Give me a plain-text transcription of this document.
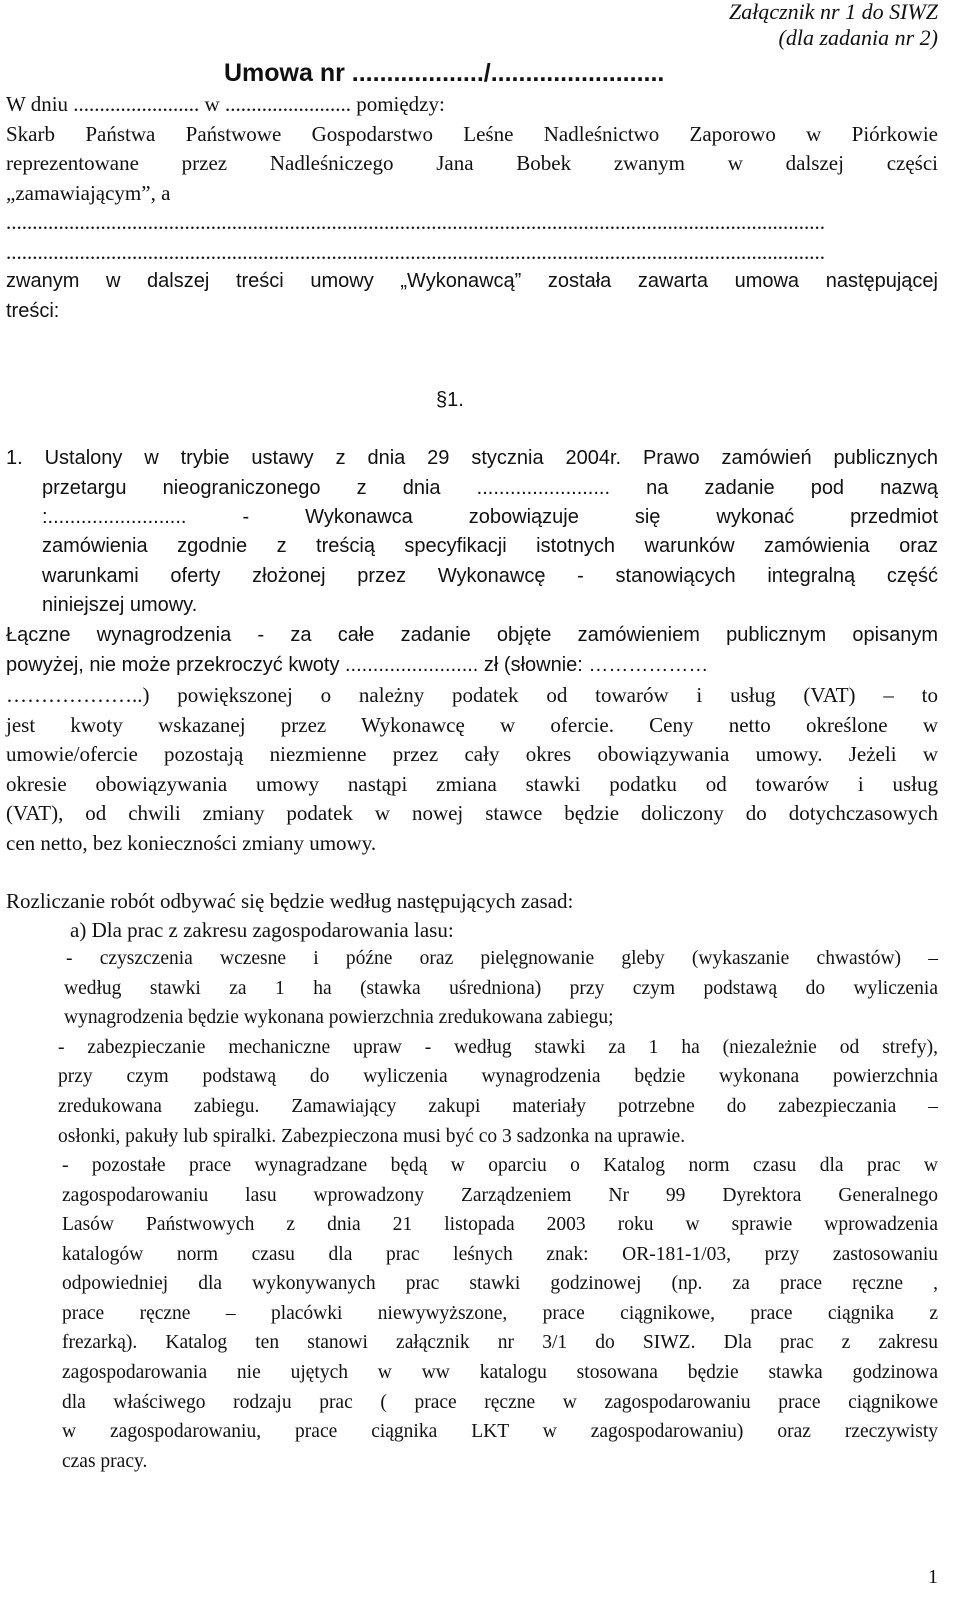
Załącznik nr 1 do SIWZ
(dla zadania nr 2)
Umowa nr .................../.........................
W dniu ........................ w ........................ pomiędzy:
Skarb Państwa Państwowe Gospodarstwo Leśne Nadleśnictwo Zaporowo w Piórkowie
reprezentowane przez Nadleśniczego Jana Bobek zwanym w dalszej części
„zamawiającym”, a
............................................................................................................................................................
............................................................................................................................................................
zwanym w dalszej treści umowy „Wykonawcą” została zawarta umowa następującej
treści:
§1.
1. Ustalony w trybie ustawy z dnia 29 stycznia 2004r. Prawo zamówień publicznych
przetargu nieograniczonego z dnia ........................ na zadanie pod nazwą
:......................... - Wykonawca zobowiązuje się wykonać przedmiot
zamówienia zgodnie z treścią specyfikacji istotnych warunków zamówienia oraz
warunkami oferty złożonej przez Wykonawcę - stanowiących integralną część
niniejszej umowy.
Łączne wynagrodzenia - za całe zadanie objęte zamówieniem publicznym opisanym
powyżej, nie może przekroczyć kwoty ........................ zł (słownie: ………………
………………..) powiększonej o należny podatek od towarów i usług (VAT) – to
jest kwoty wskazanej przez Wykonawcę w ofercie. Ceny netto określone w
umowie/ofercie pozostają niezmienne przez cały okres obowiązywania umowy. Jeżeli w
okresie obowiązywania umowy nastąpi zmiana stawki podatku od towarów i usług
(VAT), od chwili zmiany podatek w nowej stawce będzie doliczony do dotychczasowych
cen netto, bez konieczności zmiany umowy.
Rozliczanie robót odbywać się będzie według następujących zasad:
a) Dla prac z zakresu zagospodarowania lasu:
- czyszczenia wczesne i późne oraz pielęgnowanie gleby (wykaszanie chwastów) –
według stawki za 1 ha (stawka uśredniona) przy czym podstawą do wyliczenia
wynagrodzenia będzie wykonana powierzchnia zredukowana zabiegu;
- zabezpieczanie mechaniczne upraw - według stawki za 1 ha (niezależnie od strefy),
przy czym podstawą do wyliczenia wynagrodzenia będzie wykonana powierzchnia
zredukowana zabiegu. Zamawiający zakupi materiały potrzebne do zabezpieczania –
osłonki, pakuły lub spiralki. Zabezpieczona musi być co 3 sadzonka na uprawie.
- pozostałe prace wynagradzane będą w oparciu o Katalog norm czasu dla prac w
zagospodarowaniu lasu wprowadzony Zarządzeniem Nr 99 Dyrektora Generalnego
Lasów Państwowych z dnia 21 listopada 2003 roku w sprawie wprowadzenia
katalogów norm czasu dla prac leśnych znak: OR-181-1/03, przy zastosowaniu
odpowiedniej dla wykonywanych prac stawki godzinowej (np. za prace ręczne ,
prace ręczne – placówki niewywyższone, prace ciągnikowe, prace ciągnika z
frezarką). Katalog ten stanowi załącznik nr 3/1 do SIWZ. Dla prac z zakresu
zagospodarowania nie ujętych w ww katalogu stosowana będzie stawka godzinowa
dla właściwego rodzaju prac ( prace ręczne w zagospodarowaniu prace ciągnikowe
w zagospodarowaniu, prace ciągnika LKT w zagospodarowaniu) oraz rzeczywisty
czas pracy.
1
